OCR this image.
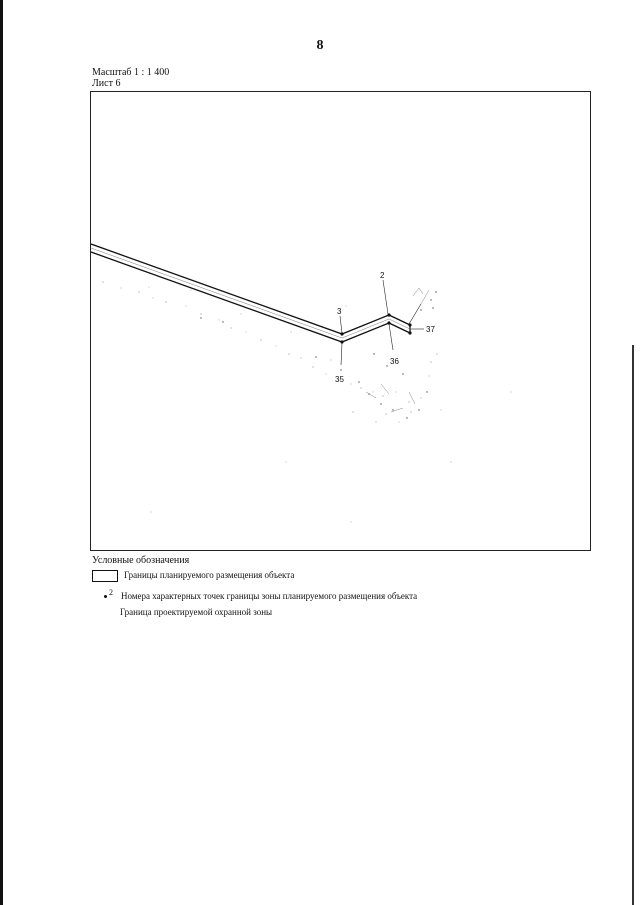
8
Масштаб 1 : 1 400
Лист 6
2
3
35
36
37
Условные обозначения
Границы планируемого размещения объекта
2 Номера характерных точек границы зоны планируемого размещения объекта
Граница проектируемой охранной зоны
